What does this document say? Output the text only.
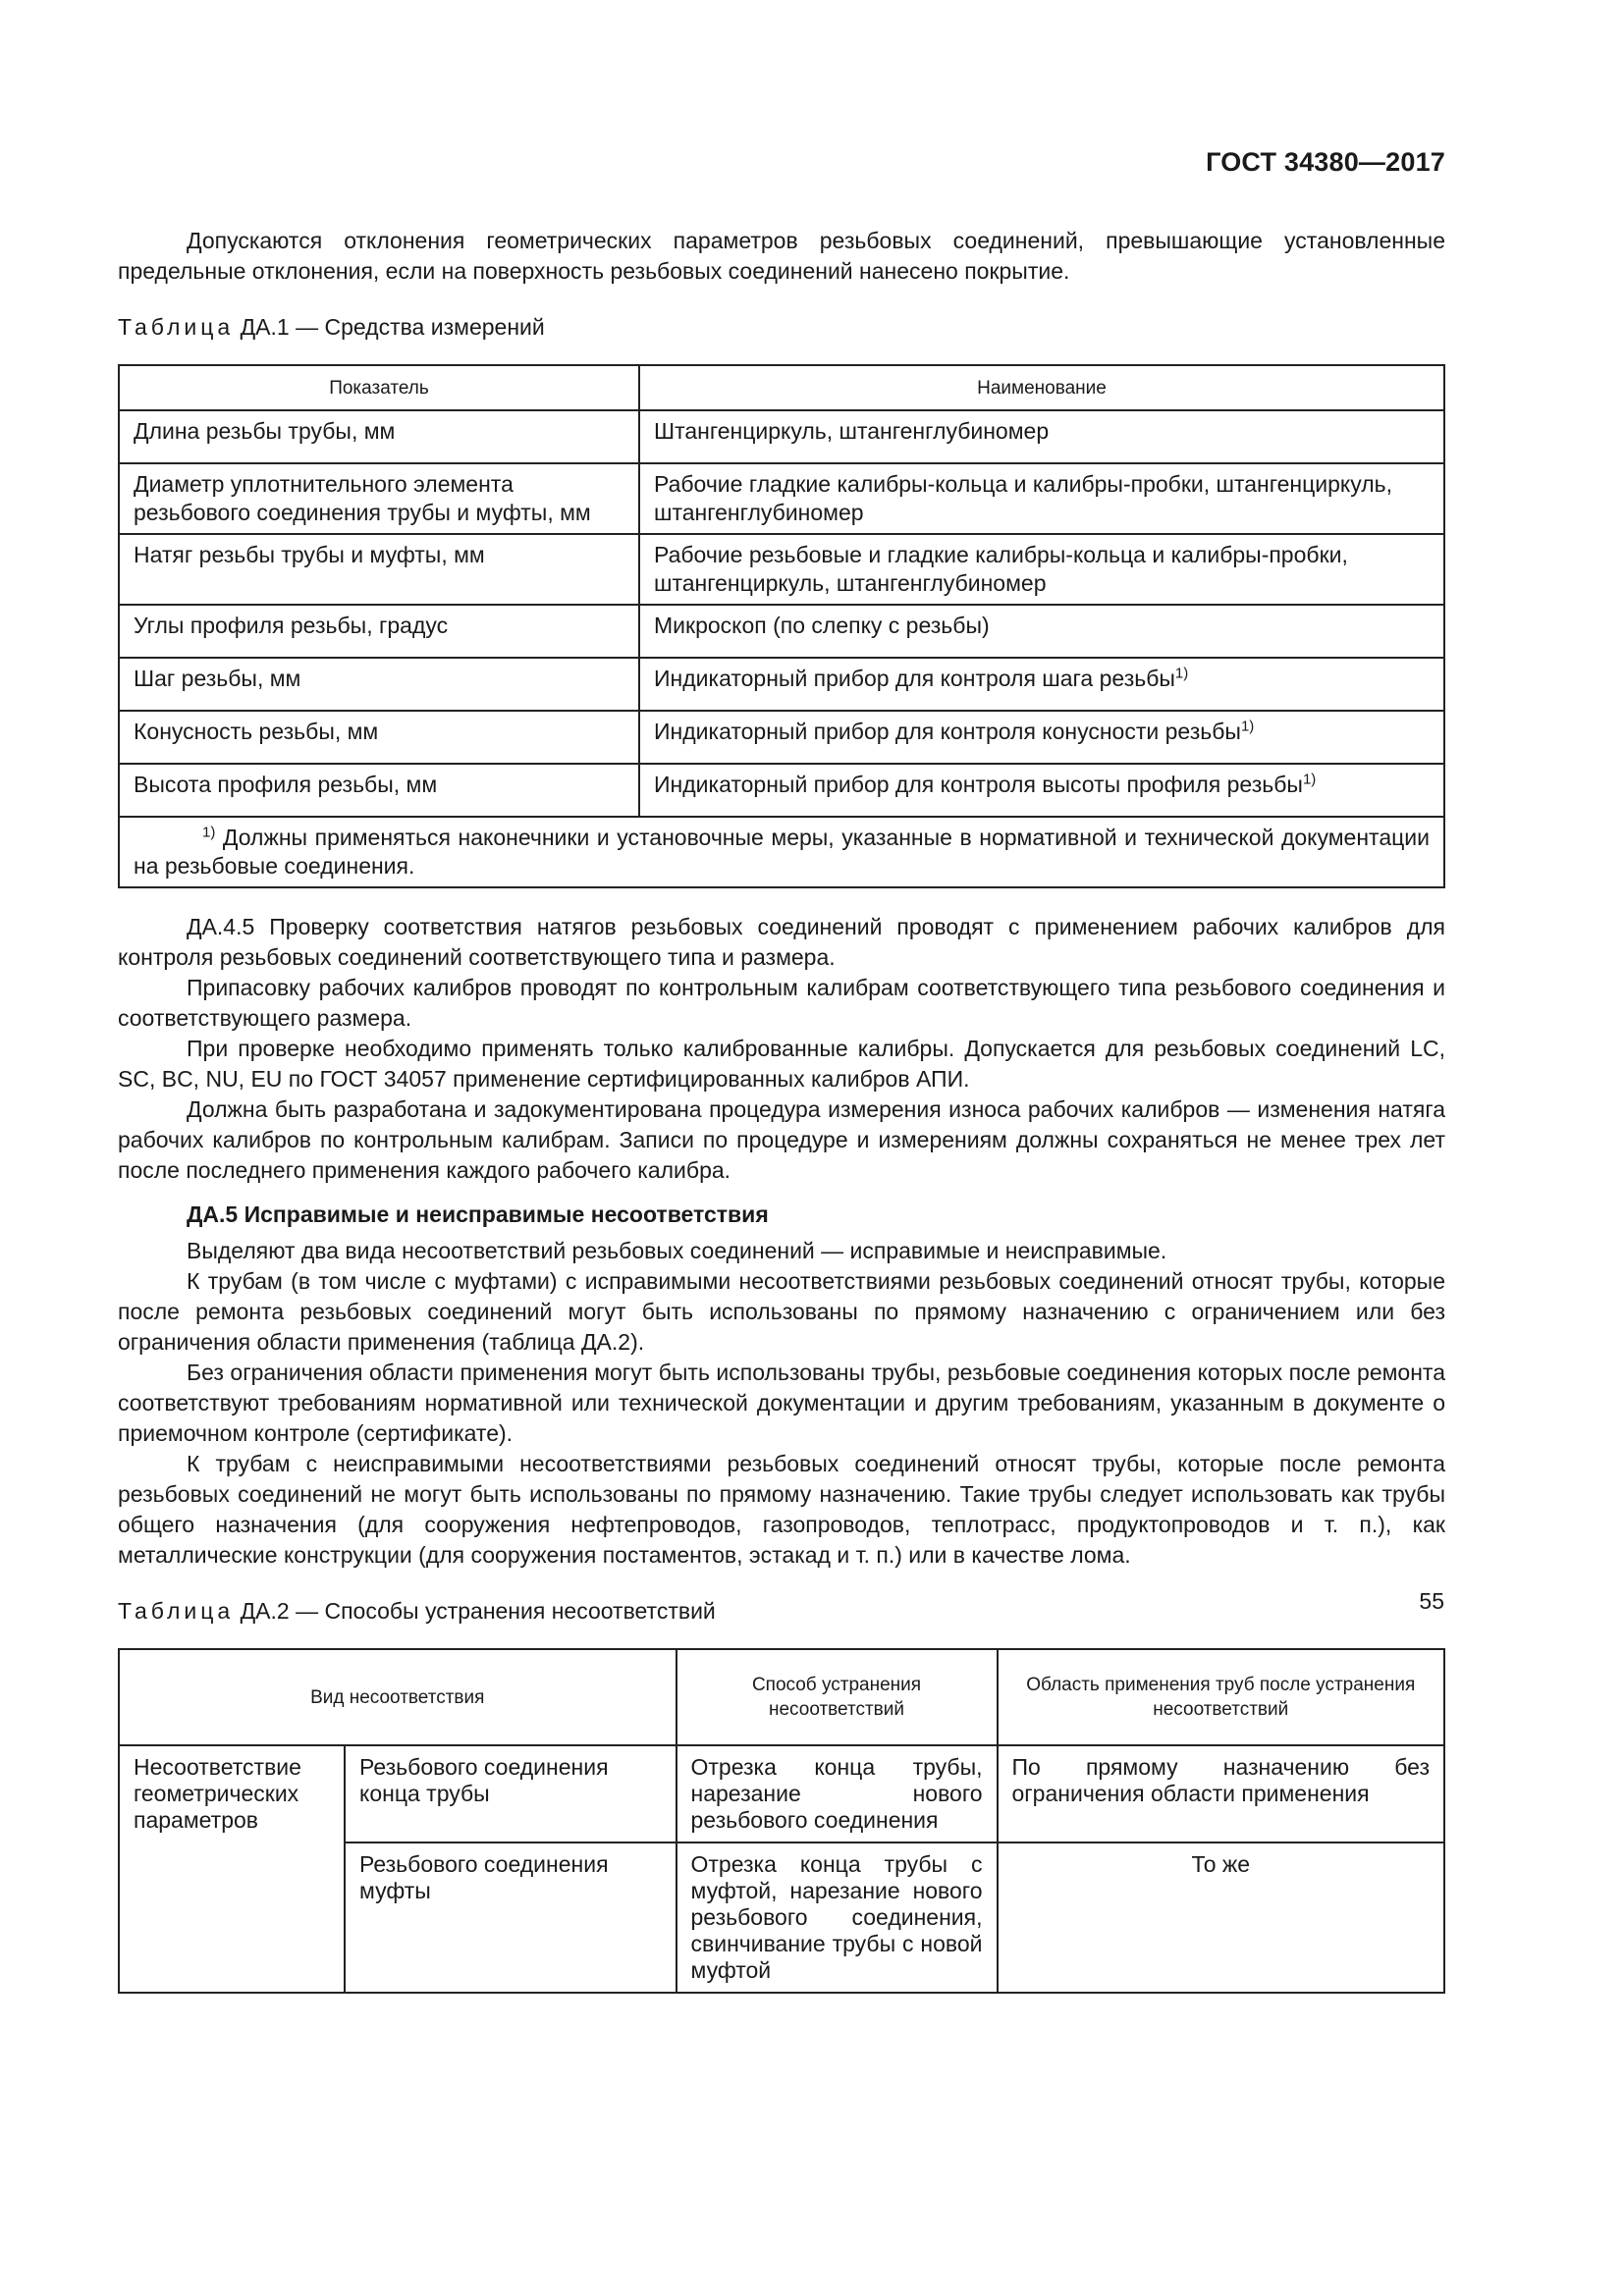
ГОСТ 34380—2017

Допускаются отклонения геометрических параметров резьбовых соединений, превышающие установленные предельные отклонения, если на поверхность резьбовых соединений нанесено покрытие.

Таблица ДА.1 — Средства измерений
Показатель	Наименование
Длина резьбы трубы, мм	Штангенциркуль, штангенглубиномер
Диаметр уплотнительного элемента резьбового соединения трубы и муфты, мм	Рабочие гладкие калибры-кольца и калибры-пробки, штангенциркуль, штангенглубиномер
Натяг резьбы трубы и муфты, мм	Рабочие резьбовые и гладкие калибры-кольца и калибры-пробки, штангенциркуль, штангенглубиномер
Углы профиля резьбы, градус	Микроскоп (по слепку с резьбы)
Шаг резьбы, мм	Индикаторный прибор для контроля шага резьбы$^{1)}$
Конусность резьбы, мм	Индикаторный прибор для контроля конусности резьбы$^{1)}$
Высота профиля резьбы, мм	Индикаторный прибор для контроля высоты профиля резьбы$^{1)}$
$^{1)}$ Должны применяться наконечники и установочные меры, указанные в нормативной и технической документации на резьбовые соединения.	

ДА.4.5 Проверку соответствия натягов резьбовых соединений проводят с применением рабочих калибров для контроля резьбовых соединений соответствующего типа и размера.

Припасовку рабочих калибров проводят по контрольным калибрам соответствующего типа резьбового соединения и соответствующего размера.

При проверке необходимо применять только калиброванные калибры. Допускается для резьбовых соединений LC, SC, BC, NU, EU по ГОСТ 34057 применение сертифицированных калибров АПИ.

Должна быть разработана и задокументирована процедура измерения износа рабочих калибров — изменения натяга рабочих калибров по контрольным калибрам. Записи по процедуре и измерениям должны сохраняться не менее трех лет после последнего применения каждого рабочего калибра.

ДА.5 Исправимые и неисправимые несоответствия

Выделяют два вида несоответствий резьбовых соединений — исправимые и неисправимые.

К трубам (в том числе с муфтами) с исправимыми несоответствиями резьбовых соединений относят трубы, которые после ремонта резьбовых соединений могут быть использованы по прямому назначению с ограничением или без ограничения области применения (таблица ДА.2).

Без ограничения области применения могут быть использованы трубы, резьбовые соединения которых после ремонта соответствуют требованиям нормативной или технической документации и другим требованиям, указанным в документе о приемочном контроле (сертификате).

К трубам с неисправимыми несоответствиями резьбовых соединений относят трубы, которые после ремонта резьбовых соединений не могут быть использованы по прямому назначению. Такие трубы следует использовать как трубы общего назначения (для сооружения нефтепроводов, газопроводов, теплотрасс, продуктопроводов и т. п.), как металлические конструкции (для сооружения постаментов, эстакад и т. п.) или в качестве лома.

Таблица ДА.2 — Способы устранения несоответствий
Вид несоответствия		Способ устранения несоответствий	Область применения труб после устранения несоответствий
Несоответствие геометрических параметров	Резьбового соединения конца трубы	Отрезка конца трубы, нарезание нового резьбового соединения	По прямому назначению без ограничения области применения
	Резьбового соединения муфты	Отрезка конца трубы с муфтой, нарезание нового резьбового соединения, свинчивание трубы с новой муфтой	То же
55
